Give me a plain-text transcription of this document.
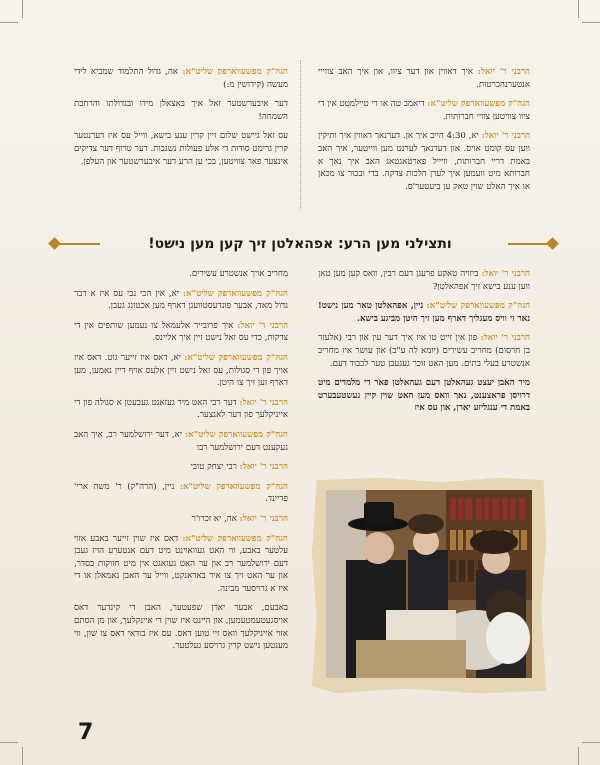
הרבני ר' יואל: איך דאווין און דער ציוו, און איך האב צווייי אנטערנהכרטות.

הגה"ק מפשעווארפק שליט"א: דיאמב טה או די טיילמטט אין די ציוו צוויטען צוויי חברותות.

הרבני ר' יואל: יא, 4:30 הייב איך אן. דערנאך דאווין איך ותיקין ווען עס קומט אויס. און דערנאך לערנט מען ווייטער, איך האב באמת דריי חברותות, וויייל פארטאגטאג האב איך נאך א חברותא מיט וועמען איך לערן הלכות צדקה. בדי ובכור צו מכאן או איך האלט שוין טאק ען ביעטער'ס.

הגה"ק מפשעווארפק שליט"א: אה, גדול התלמוד שמביא לידי מעשה (קידושין מ:)

דער איבערשטער זאל איך באצאלן מידו ובגדולתו והרחבת השמחה!

עס זאל גיישט שלום זיין קרין ענע בישא, ווייל עס איז דערנטער קרין גרימט סודות די אלע פעולות נשגבות. דער טרוף דער צדיקים אינצער פאר צוויטען, בכי ען הרע דער איבערשטער און העלפן.

ותצילני מען הרע: אפהאלטן זיך קען מען נישט!

הרבני ר' יואל: ביזויה טאקע פרעגן דעם רבין, וואס קען מען טאן ווען ענע בישא זיך אפהאלטן?

הגה"ק מפשעווארפק שליט"א: ניין, אפהאלטן טאר מען נישט! נאר זי וויס מעגליך דארף מען זיך היטן מביגע בישא.

הרבני ר' יואל: פון אין זייט טו איז איך דער עין און רבי (אלעזר בן חרסום) מחריב עשירים (יומא לה ע"ב) און עושר איז מחריב אנשטרע בעלי בתים. מען האט זוכר געגעבן טער לכבוד דעם.

מיר האבן יעצט געהאלטן דעם געהאלטן פאר די מלמדים מיט דרויסן פראצענט, נאך וואס מען האט שוין קיין געשטעבערט באמת די ענגליזע יארן, און עס איז

מחריב אויך אנשטרע עשירים.

הגה"ק מפשעווארפק שליט"א: יא, אין הכי נבי עס איז א דבר גדול מאד, אבער פונדעסטוועגן דארף מען אכטונג געבן.

הרבני ר' יואל: איך פרובייר אלעמאל צו נעמען שותפים אין די צדקות, כדי עס זאל נישט זיין איך אליינס.

הגה"ק מפשעווארפק שליט"א: יא, דאס איז זייער גוט. דאס איז אויך פון די סגולות, עס זאל נישט זיין אלעס אויף דיין נאמען, מען דארף זען זיך צו היטן.

הרבני ר' יואל: דער רבי האט מיר געזאגט געבעטן א סגולה פון די אייניקלעך פון דער לאנצער.

הגה"ק מפשעווארפק שליט"א: יא, דער ירושלמער רב, איך האב געקענט דעם ירושלמער רבו

הרבני ר' יואל: רבי יצחק טובי

הגה"ק מפשעווארפק שליט"א: ניין, (הרה"ק) ר' משה ארי' פריינד.

הרבני ר' יואל: אה, יא זכרו'ר

הגה"ק מפשעווארפק שליט"א: דאס איז שוין זייער באבע אזוי עלטער באבע, ווי האט געוואוינט מיט דעם אנטערע הויז געבן דעם ירושלמער רב און ער האט געזאגט אין מיט חזוקות בסדר, און ער האט זיך צו איר באדאנקט, ווייל ער האבן נאמאלן או די איז א גרויסער מבינה.

באבעם, אבער יארן שפעטער, האבן די קינדער דאס אויסגעטעמטעמען, און היינט איז שוין די איינקלעך, און מן הסתם אזוי אייניקלעך וואס זיי טוען דאס. עס איז בודאי דאס צו שון, ווי מענטען נישט קרין גרויסע געלטער.

7
